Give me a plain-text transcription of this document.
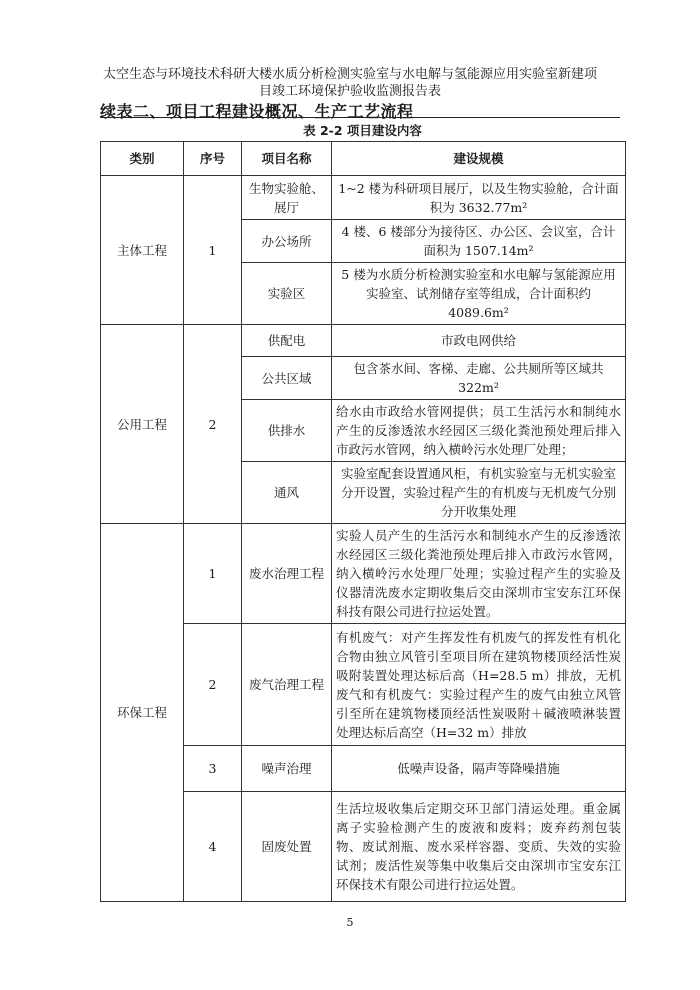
太空生态与环境技术科研大楼水质分析检测实验室与水电解与氢能源应用实验室新建项目竣工环境保护验收监测报告表
续表二、项目工程建设概况、生产工艺流程
表 2-2 项目建设内容
类别	序号	项目名称	建设规模
主体工程	1	生物实验舱、展厅	1~2 楼为科研项目展厅，以及生物实验舱，合计面积为 3632.77m²
		办公场所	4 楼、6 楼部分为接待区、办公区、会议室，合计面积为 1507.14m²
		实验区	5 楼为水质分析检测实验室和水电解与氢能源应用实验室、试剂储存室等组成，合计面积约 4089.6m²
公用工程	2	供配电	市政电网供给
		公共区域	包含茶水间、客梯、走廊、公共厕所等区域共 322m²
		供排水	给水由市政给水管网提供；员工生活污水和制纯水产生的反渗透浓水经园区三级化粪池预处理后排入市政污水管网，纳入横岭污水处理厂处理；
		通风	实验室配套设置通风柜，有机实验室与无机实验室分开设置，实验过程产生的有机废与无机废气分别分开收集处理
环保工程	1	废水治理工程	实验人员产生的生活污水和制纯水产生的反渗透浓水经园区三级化粪池预处理后排入市政污水管网，纳入横岭污水处理厂处理；实验过程产生的实验及仪器清洗废水定期收集后交由深圳市宝安东江环保科技有限公司进行拉运处置。
	2	废气治理工程	有机废气：对产生挥发性有机废气的挥发性有机化合物由独立风管引至项目所在建筑物楼顶经活性炭吸附装置处理达标后高（H=28.5 m）排放，无机废气和有机废气：实验过程产生的废气由独立风管引至所在建筑物楼顶经活性炭吸附＋碱液喷淋装置处理达标后高空（H=32 m）排放
	3	噪声治理	低噪声设备，隔声等降噪措施
	4	固废处置	生活垃圾收集后定期交环卫部门清运处理。重金属离子实验检测产生的废液和废料；废弃药剂包装物、废试剂瓶、废水采样容器、变质、失效的实验试剂；废活性炭等集中收集后交由深圳市宝安东江环保技术有限公司进行拉运处置。
5
